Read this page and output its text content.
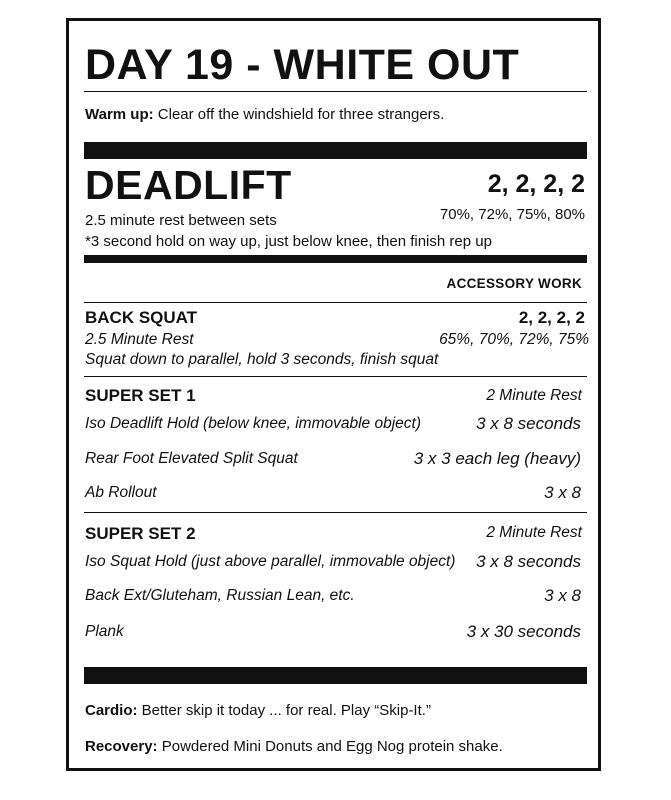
DAY 19 - WHITE OUT

Warm up: Clear off the windshield for three strangers.

DEADLIFT	2, 2, 2, 2
70%, 72%, 75%, 80%
2.5 minute rest between sets
*3 second hold on way up, just below knee, then finish rep up
ACCESSORY WORK
BACK SQUAT	2, 2, 2, 2
2.5 Minute Rest	65%, 70%, 72%, 75%
Squat down to parallel, hold 3 seconds, finish squat
SUPER SET 1	2 Minute Rest
Iso Deadlift Hold (below knee, immovable object)	3 x 8 seconds
Rear Foot Elevated Split Squat	3 x 3 each leg (heavy)
Ab Rollout	3 x 8
SUPER SET 2	2 Minute Rest
Iso Squat Hold (just above parallel, immovable object) 3 x 8 seconds
Back Ext/Gluteham, Russian Lean, etc.	3 x 8
Plank	3 x 30 seconds

Cardio: Better skip it today ... for real. Play “Skip-It.”

Recovery: Powdered Mini Donuts and Egg Nog protein shake.
